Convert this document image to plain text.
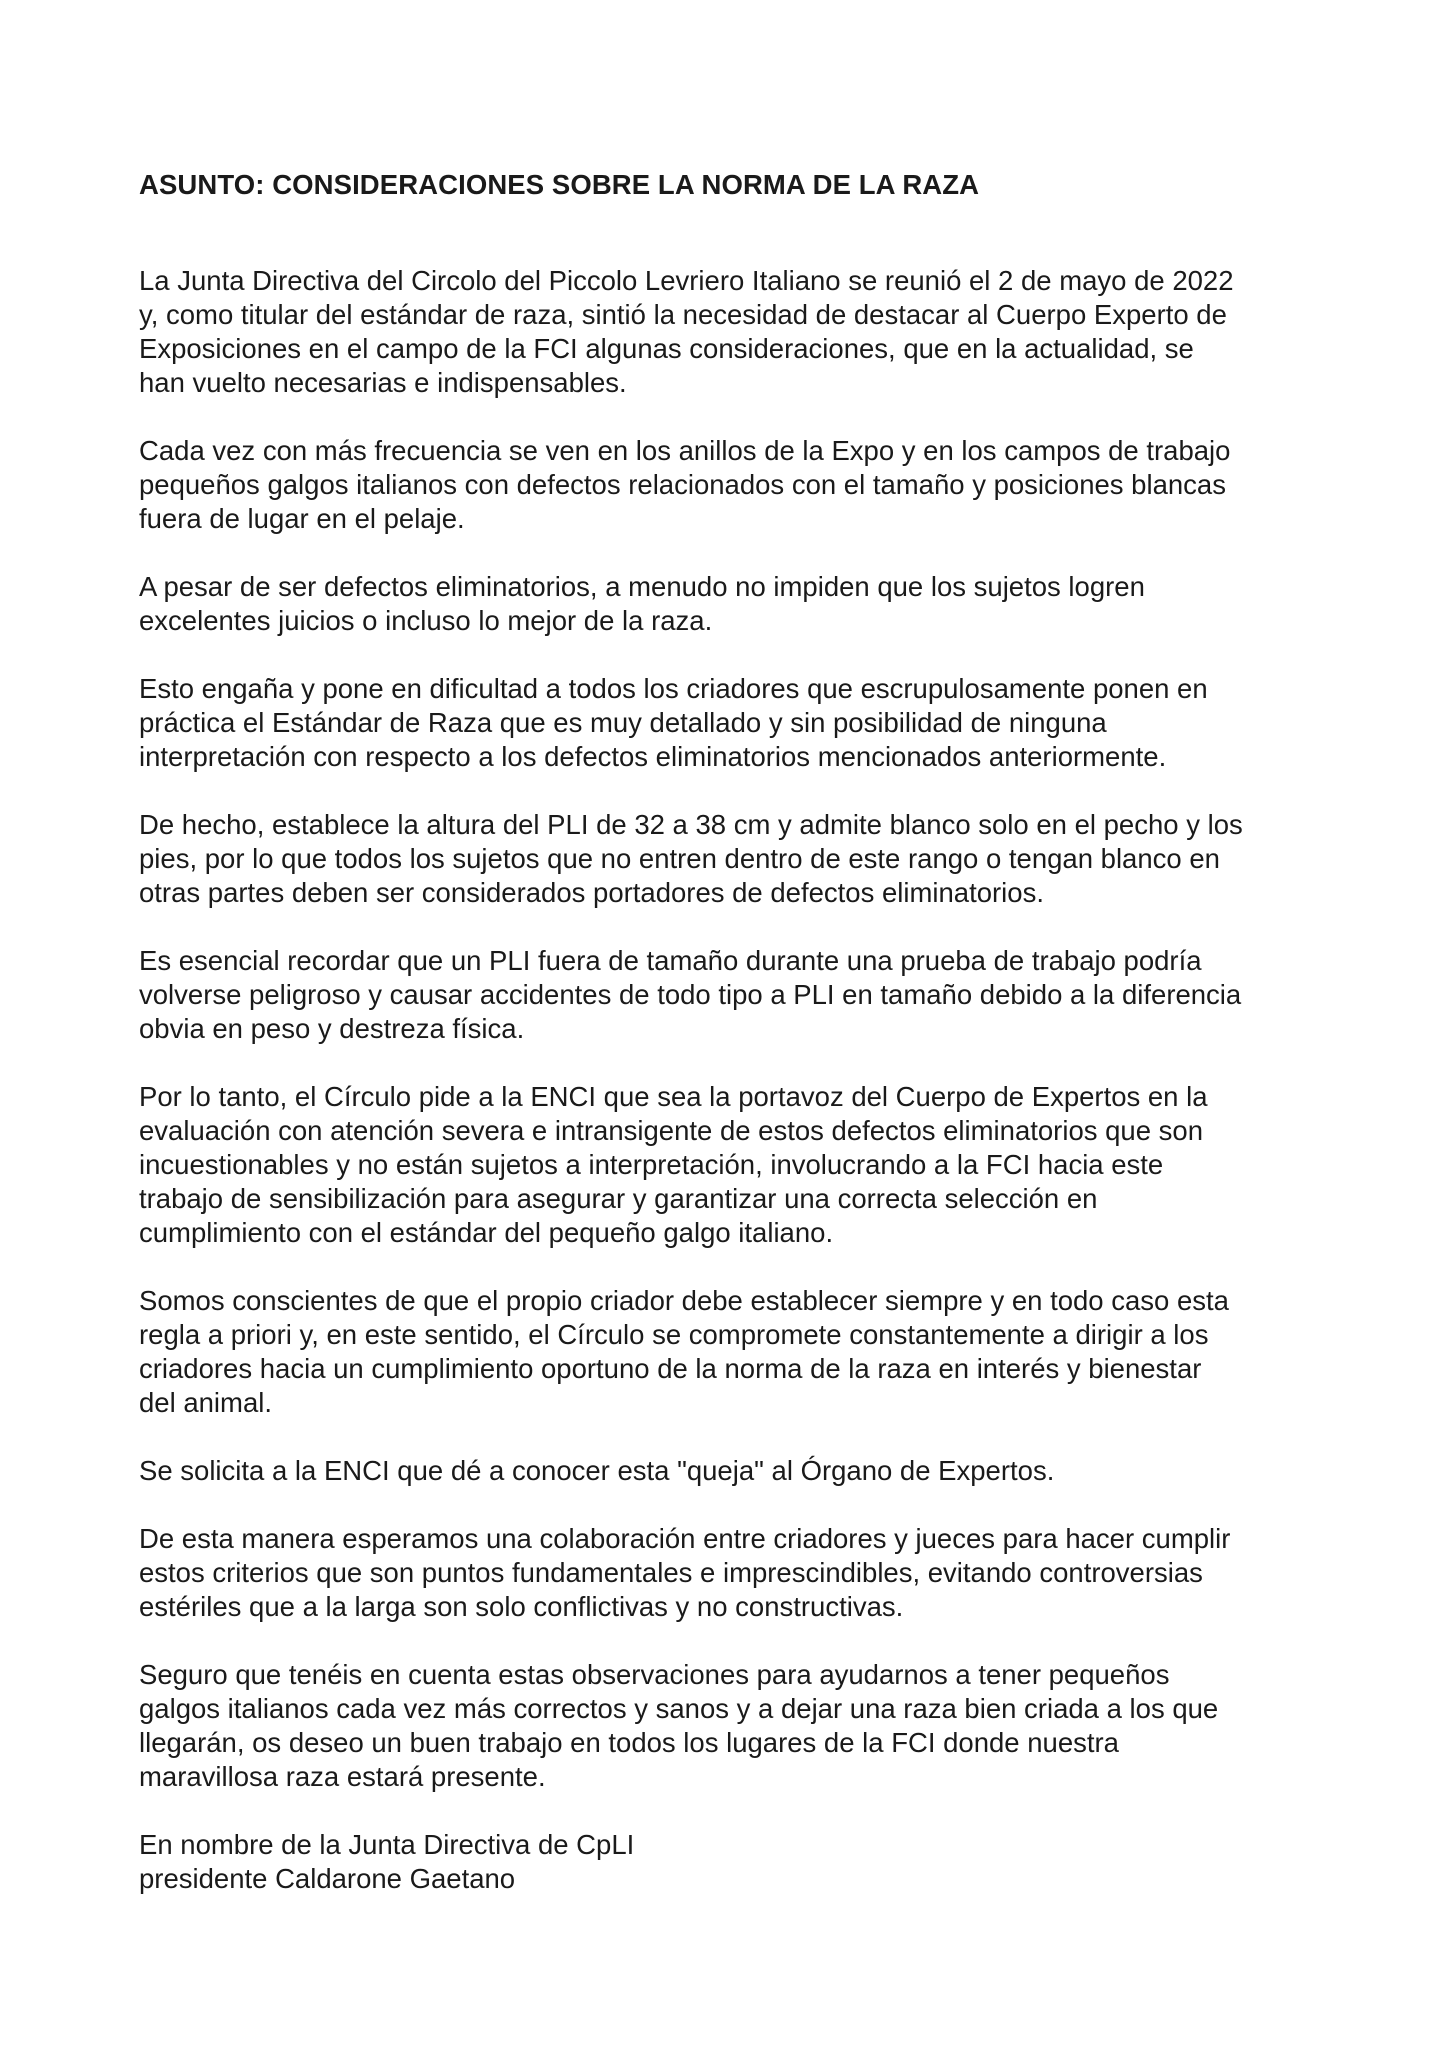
ASUNTO: CONSIDERACIONES SOBRE LA NORMA DE LA RAZA
La Junta Directiva del Circolo del Piccolo Levriero Italiano se reunió el 2 de mayo de 2022
y, como titular del estándar de raza, sintió la necesidad de destacar al Cuerpo Experto de
Exposiciones en el campo de la FCI algunas consideraciones, que en la actualidad, se
han vuelto necesarias e indispensables.
Cada vez con más frecuencia se ven en los anillos de la Expo y en los campos de trabajo
pequeños galgos italianos con defectos relacionados con el tamaño y posiciones blancas
fuera de lugar en el pelaje.
A pesar de ser defectos eliminatorios, a menudo no impiden que los sujetos logren
excelentes juicios o incluso lo mejor de la raza.
Esto engaña y pone en dificultad a todos los criadores que escrupulosamente ponen en
práctica el Estándar de Raza que es muy detallado y sin posibilidad de ninguna
interpretación con respecto a los defectos eliminatorios mencionados anteriormente.
De hecho, establece la altura del PLI de 32 a 38 cm y admite blanco solo en el pecho y los
pies, por lo que todos los sujetos que no entren dentro de este rango o tengan blanco en
otras partes deben ser considerados portadores de defectos eliminatorios.
Es esencial recordar que un PLI fuera de tamaño durante una prueba de trabajo podría
volverse peligroso y causar accidentes de todo tipo a PLI en tamaño debido a la diferencia
obvia en peso y destreza física.
Por lo tanto, el Círculo pide a la ENCI que sea la portavoz del Cuerpo de Expertos en la
evaluación con atención severa e intransigente de estos defectos eliminatorios que son
incuestionables y no están sujetos a interpretación, involucrando a la FCI hacia este
trabajo de sensibilización para asegurar y garantizar una correcta selección en
cumplimiento con el estándar del pequeño galgo italiano.
Somos conscientes de que el propio criador debe establecer siempre y en todo caso esta
regla a priori y, en este sentido, el Círculo se compromete constantemente a dirigir a los
criadores hacia un cumplimiento oportuno de la norma de la raza en interés y bienestar
del animal.
Se solicita a la ENCI que dé a conocer esta "queja" al Órgano de Expertos.
De esta manera esperamos una colaboración entre criadores y jueces para hacer cumplir
estos criterios que son puntos fundamentales e imprescindibles, evitando controversias
estériles que a la larga son solo conflictivas y no constructivas.
Seguro que tenéis en cuenta estas observaciones para ayudarnos a tener pequeños
galgos italianos cada vez más correctos y sanos y a dejar una raza bien criada a los que
llegarán, os deseo un buen trabajo en todos los lugares de la FCI donde nuestra
maravillosa raza estará presente.
En nombre de la Junta Directiva de CpLI
presidente Caldarone Gaetano
